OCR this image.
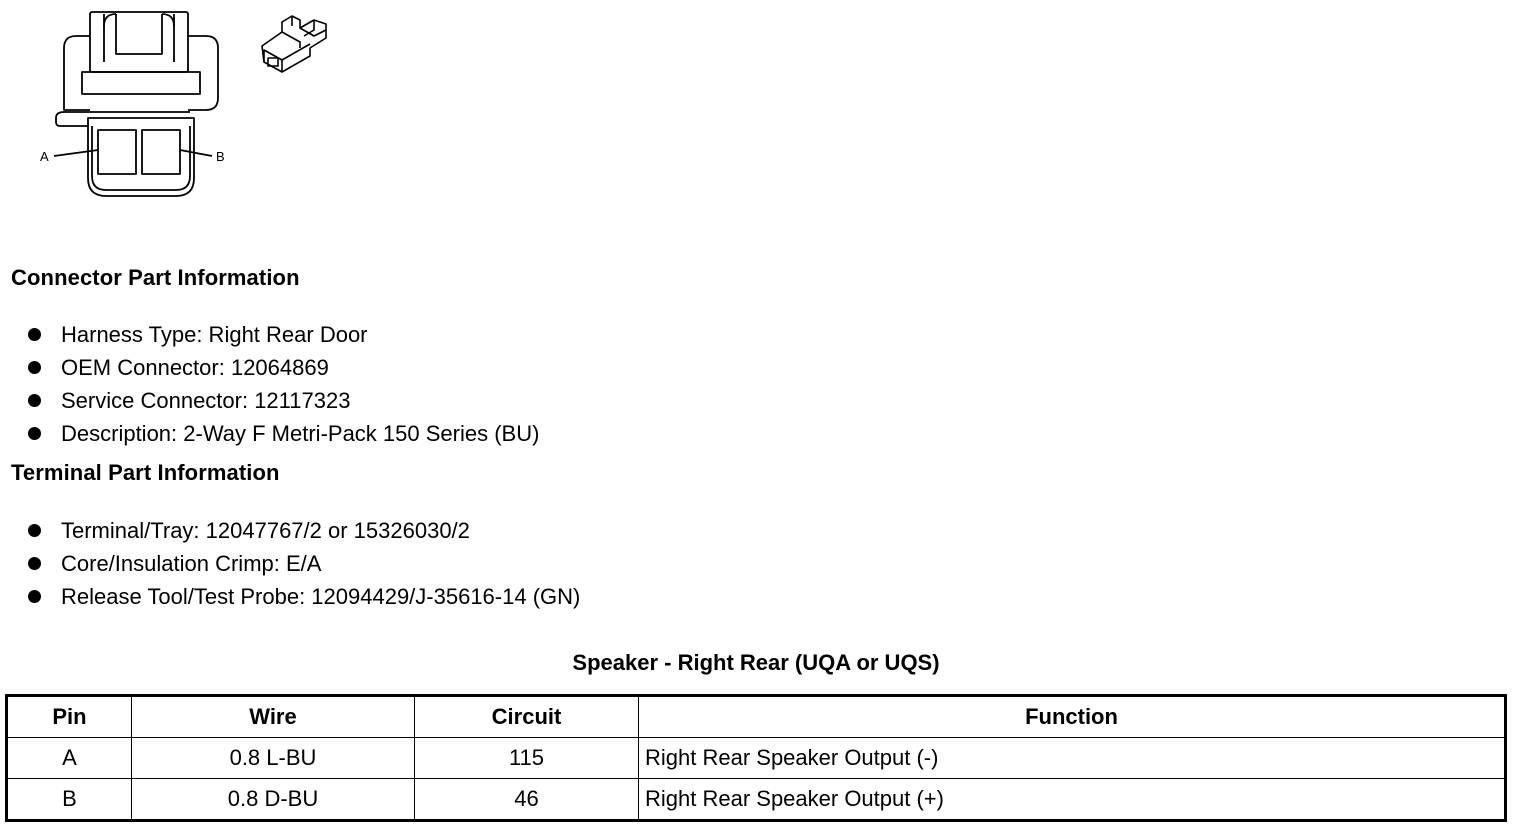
A	B
Connector Part Information
Harness Type: Right Rear Door
OEM Connector: 12064869
Service Connector: 12117323
Description: 2-Way F Metri-Pack 150 Series (BU)
Terminal Part Information
Terminal/Tray: 12047767/2 or 15326030/2
Core/Insulation Crimp: E/A
Release Tool/Test Probe: 12094429/J-35616-14 (GN)
Speaker - Right Rear (UQA or UQS)
Pin	Wire	Circuit	Function
A	0.8 L-BU	115	Right Rear Speaker Output (-)
B	0.8 D-BU	46	Right Rear Speaker Output (+)
